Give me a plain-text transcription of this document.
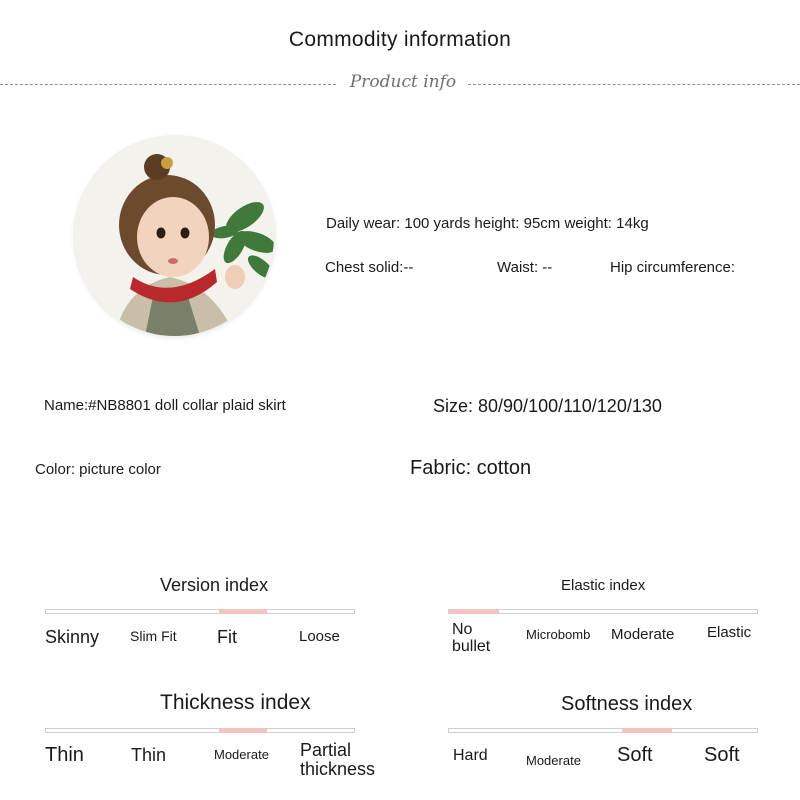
Commodity information
Product info
Daily wear: 100 yards height: 95cm weight: 14kg
Chest solid:--	Waist: --	Hip circumference:
Name:#NB8801 doll collar plaid skirt	Size: 80/90/100/110/120/130
Color: picture color	Fabric: cotton
Version index
Skinny Slim Fit Fit	Loose
Elastic index
No bullet
Microbomb Moderate Elastic
Thickness index
Thin	Thin	Moderate Partial thickness
Softness index
Hard	Moderate Soft	Soft
